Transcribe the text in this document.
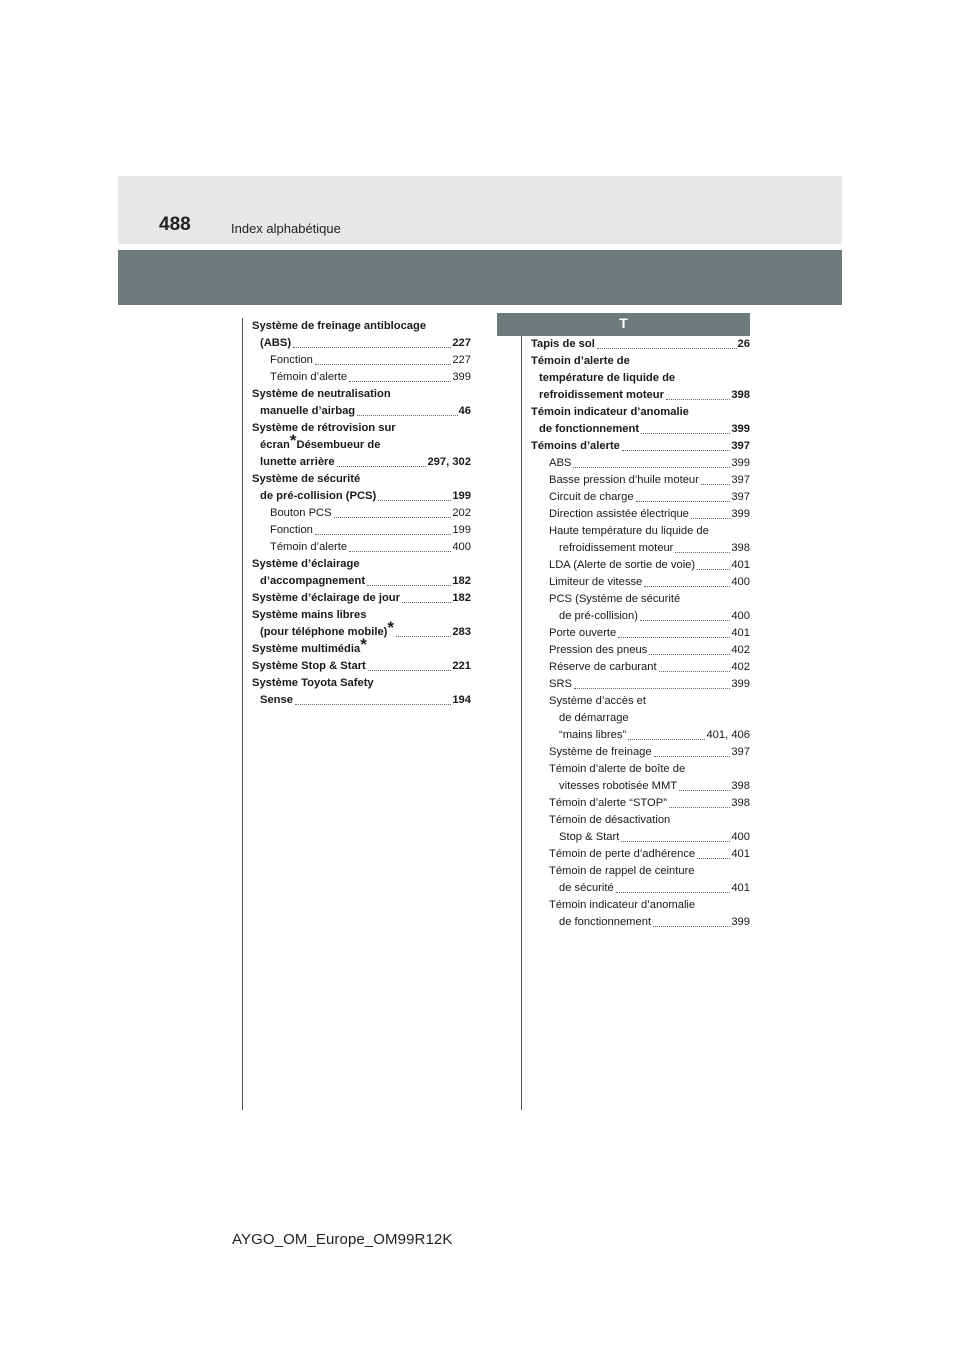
488	Index alphabétique
Système de freinage antiblocage
(ABS)	227
Fonction	227
Témoin d’alerte	399
Système de neutralisation
manuelle d’airbag	46
Système de rétrovision sur
écran*Désembueur de
lunette arrière	297, 302
Système de sécurité
de pré-collision (PCS)	199
Bouton PCS	202
Fonction	199
Témoin d’alerte	400
Système d’éclairage
d’accompagnement	182
Système d’éclairage de jour	182
Système mains libres
(pour téléphone mobile)*	283
Système multimédia*
Système Stop & Start	221
Système Toyota Safety
Sense	194
T
Tapis de sol	26
Témoin d’alerte de
température de liquide de
refroidissement moteur	398
Témoin indicateur d’anomalie
de fonctionnement	399
Témoins d’alerte	397
ABS	399
Basse pression d’huile moteur	397
Circuit de charge	397
Direction assistée électrique	399
Haute température du liquide de
refroidissement moteur	398
LDA (Alerte de sortie de voie)	401
Limiteur de vitesse	400
PCS (Système de sécurité
de pré-collision)	400
Porte ouverte	401
Pression des pneus	402
Réserve de carburant	402
SRS	399
Système d’accès et
de démarrage
“mains libres”	401, 406
Système de freinage	397
Témoin d’alerte de boîte de
vitesses robotisée MMT	398
Témoin d’alerte “STOP”	398
Témoin de désactivation
Stop & Start	400
Témoin de perte d’adhérence	401
Témoin de rappel de ceinture
de sécurité	401
Témoin indicateur d’anomalie
de fonctionnement	399
AYGO_OM_Europe_OM99R12K
